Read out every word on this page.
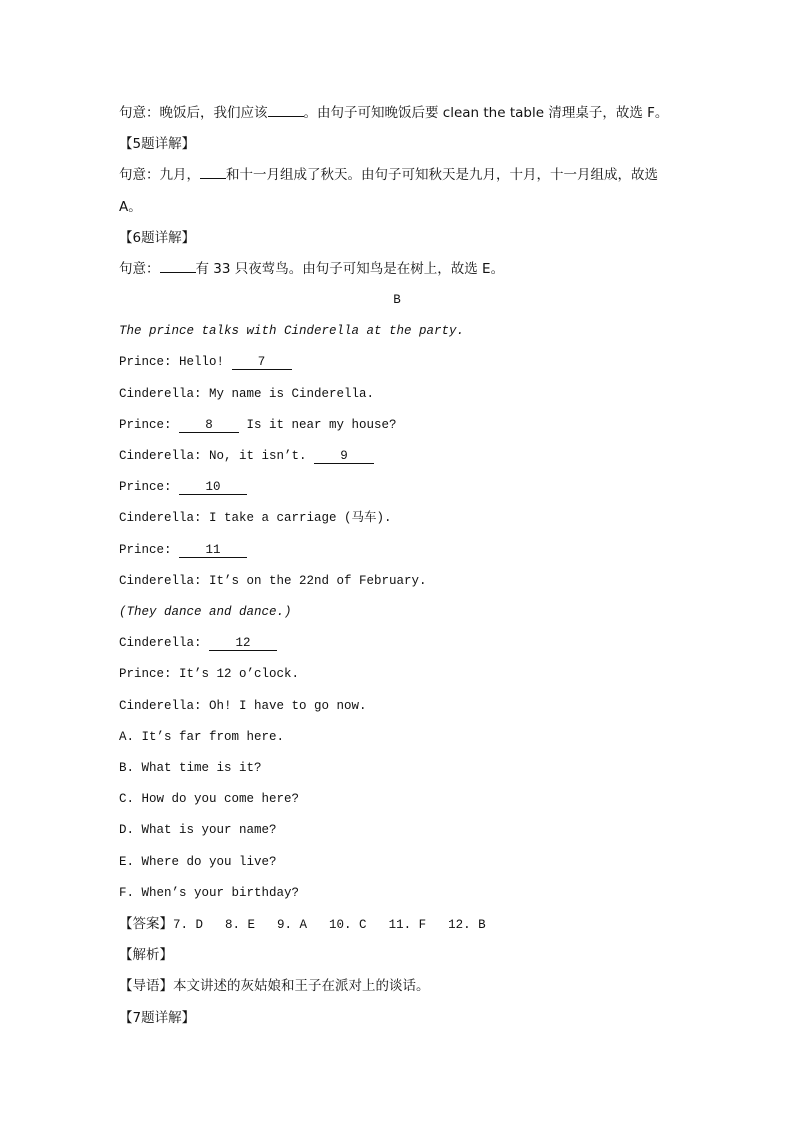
句意：晚饭后，我们应该	。由句子可知晚饭后要 clean the table 清理桌子，故选 F。
【5题详解】
句意：九月， 和十一月组成了秋天。由句子可知秋天是九月，十月，十一月组成，故选
A。
【6题详解】
句意：	有 33 只夜莺鸟。由句子可知鸟是在树上，故选 E。
B
The prince talks with Cinderella at the party.
Prince: Hello! 7
Cinderella: My name is Cinderella.
Prince: 8 Is it near my house?
Cinderella: No, it isn’t. 9
Prince: 10
Cinderella: I take a carriage (马车).
Prince: 11
Cinderella: It’s on the 22nd of February.
(They dance and dance.)
Cinderella: 12
Prince: It’s 12 o’clock.
Cinderella: Oh! I have to go now.
A. It’s far from here.
B. What time is it?
C. How do you come here?
D. What is your name?
E. Where do you live?
F. When’s your birthday?
【答案】7. D 8. E 9. A 10. C 11. F 12. B
【解析】
【导语】本文讲述的灰姑娘和王子在派对上的谈话。
【7题详解】
